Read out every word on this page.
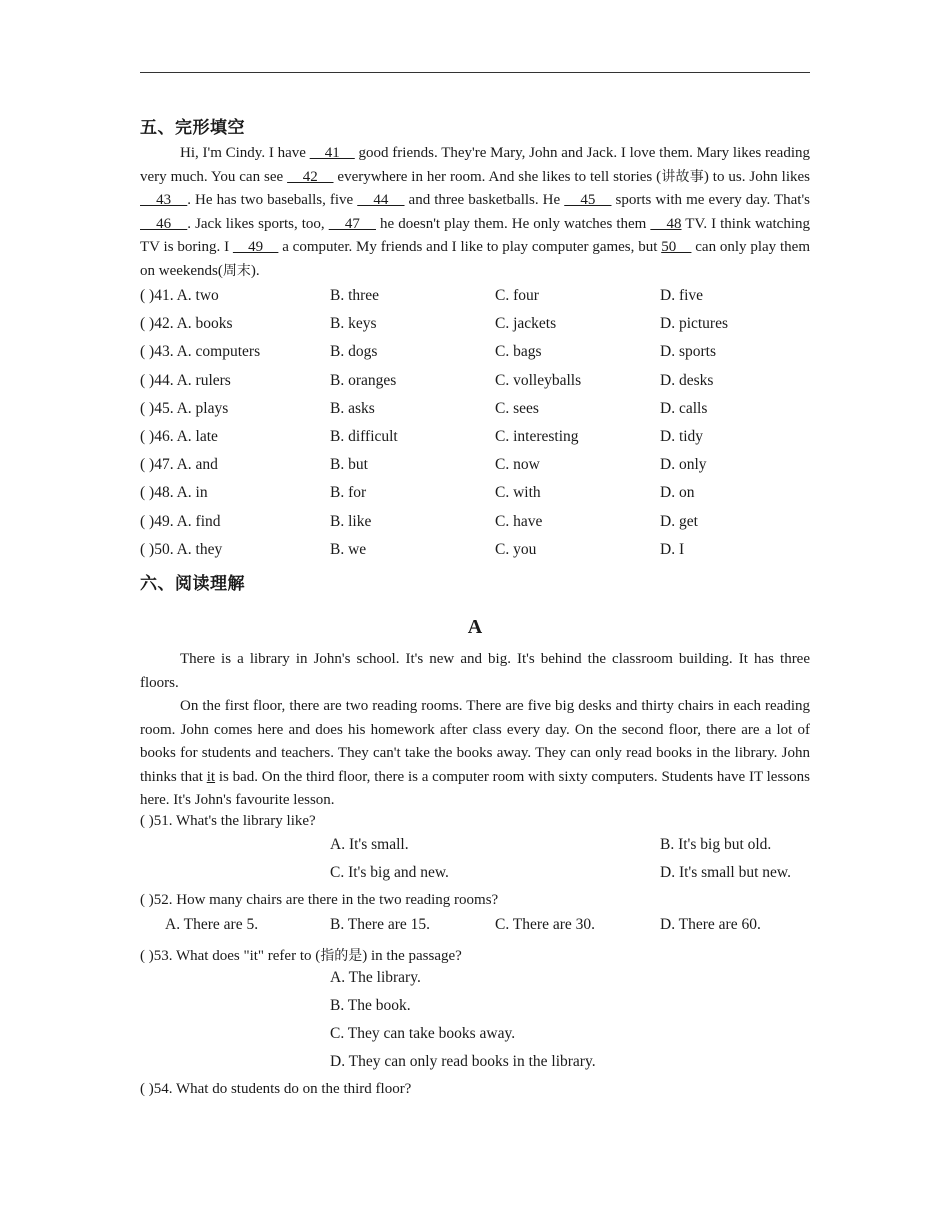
五、完形填空
Hi, I'm Cindy. I have     41     good friends. They're Mary, John and Jack. I love them. Mary likes reading very much. You can see     42     everywhere in her room. And she likes to tell stories (讲故事) to us. John likes     43    . He has two baseballs, five     44     and three basketballs. He     45     sports with me every day. That's     46    . Jack likes sports, too,     47     he doesn't play them. He only watches them     48 TV. I think watching TV is boring. I     49     a computer. My friends and I like to play computer games, but 50     can only play them on weekends(周末).
( )41. A. two	B. three	C. four	D. five
( )42. A. books	B. keys	C. jackets	D. pictures
( )43. A. computers	B. dogs	C. bags	D. sports
( )44. A. rulers	B. oranges	C. volleyballs	D. desks
( )45. A. plays	B. asks	C. sees	D. calls
( )46. A. late	B. difficult	C. interesting	D. tidy
( )47. A. and	B. but	C. now	D. only
( )48. A. in	B. for	C. with	D. on
( )49. A. find	B. like	C. have	D. get
( )50. A. they	B. we	C. you	D. I
六、阅读理解
A
There is a library in John's school. It's new and big. It's behind the classroom building. It has three floors.
On the first floor, there are two reading rooms. There are five big desks and thirty chairs in each reading room. John comes here and does his homework after class every day. On the second floor, there are a lot of books for students and teachers. They can't take the books away. They can only read books in the library. John thinks that it is bad. On the third floor, there is a computer room with sixty computers. Students have IT lessons here. It's John's favourite lesson.
( )51. What's the library like?
A. It's small.	B. It's big but old.
C. It's big and new.	D. It's small but new.
( )52. How many chairs are there in the two reading rooms?
A. There are 5.	B. There are 15.	C. There are 30.	D. There are 60.
( )53. What does "it" refer to (指的是) in the passage?
A. The library.
B. The book.
C. They can take books away.
D. They can only read books in the library.
( )54. What do students do on the third floor?
